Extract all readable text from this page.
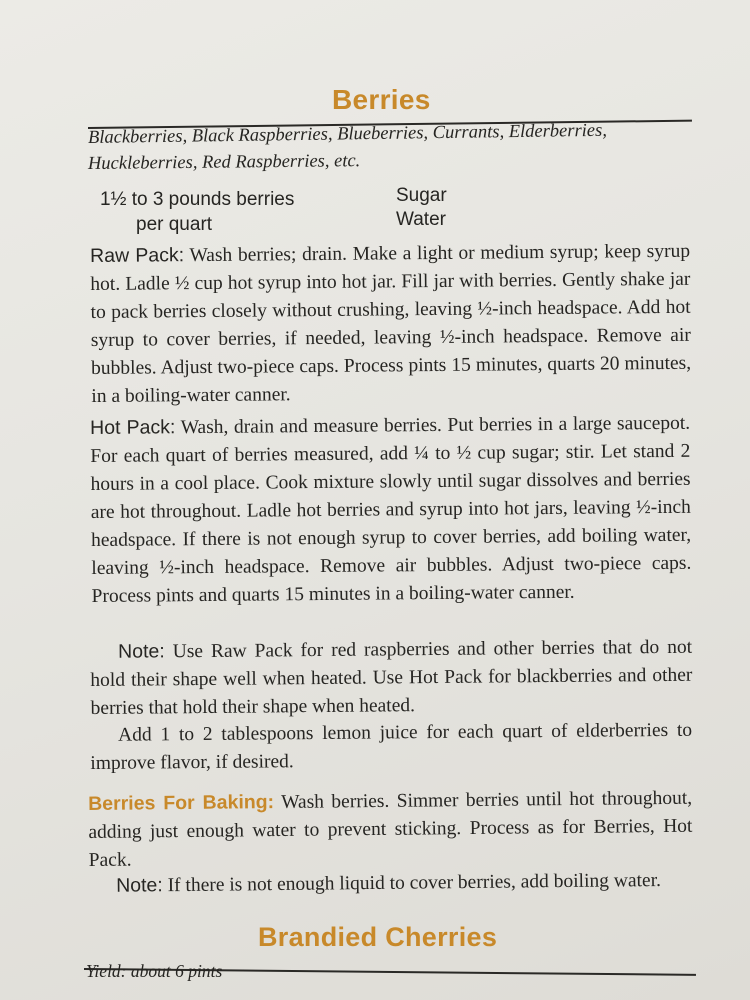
Berries
Blackberries, Black Raspberries, Blueberries, Currants, Elderberries,
Huckleberries, Red Raspberries, etc.
1½ to 3 pounds berries
per quart
Sugar
Water
Raw Pack: Wash berries; drain. Make a light or medium syrup; keep syrup hot. Ladle ½ cup hot syrup into hot jar. Fill jar with berries. Gently shake jar to pack berries closely without crushing, leaving ½-inch headspace. Add hot syrup to cover berries, if needed, leaving ½-inch headspace. Remove air bubbles. Adjust two-piece caps. Process pints 15 minutes, quarts 20 minutes, in a boiling-water canner.
Hot Pack: Wash, drain and measure berries. Put berries in a large saucepot. For each quart of berries measured, add ¼ to ½ cup sugar; stir. Let stand 2 hours in a cool place. Cook mixture slowly until sugar dissolves and berries are hot throughout. Ladle hot berries and syrup into hot jars, leaving ½-inch headspace. If there is not enough syrup to cover berries, add boiling water, leaving ½-inch headspace. Remove air bubbles. Adjust two-piece caps. Process pints and quarts 15 minutes in a boiling-water canner.
Note: Use Raw Pack for red raspberries and other berries that do not hold their shape well when heated. Use Hot Pack for blackberries and other berries that hold their shape when heated.
Add 1 to 2 tablespoons lemon juice for each quart of elderberries to improve flavor, if desired.
Berries For Baking: Wash berries. Simmer berries until hot throughout, adding just enough water to prevent sticking. Process as for Berries, Hot Pack.
Note: If there is not enough liquid to cover berries, add boiling water.
Brandied Cherries
Yield: about 6 pints
